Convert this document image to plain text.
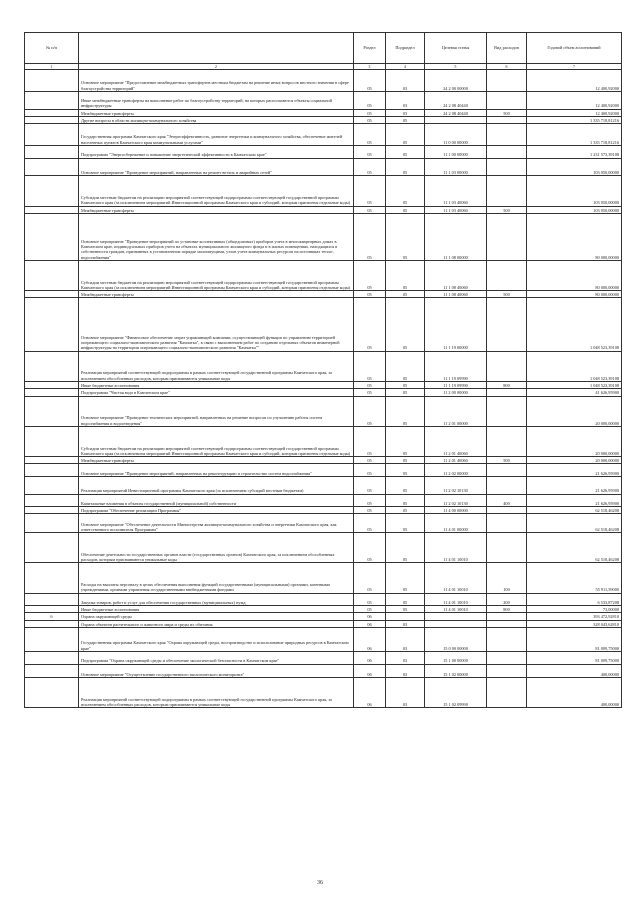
№ п/п		Раздел	Подраздел	Целевая статья	Вид расходов	Годовой объем ассигнований
1	2	3	4	5	6	7
	Основное мероприятие "Предоставление межбюджетных трансфертов местным бюджетам на решение иных вопросов местного значения в сфере благоустройства территорий"	05	03	24 2 00 00000		12 400,92000
	Иные межбюджетные трансферты на выполнение работ по благоустройству территорий, на которых располагаются объекты социальной инфраструктуры	05	03	24 2 08 40440		12 400,92000
	Межбюджетные трансферты	05	03	24 2 08 40440	500	12 400,92000
	Другие вопросы в области жилищно-коммунального хозяйства	05	05			1 335 718,81216
	Государственная программа Камчатского края "Энергоэффективность, развитие энергетики и коммунального хозяйства, обеспечение жителей населенных пунктов Камчатского края коммунальными услугами"	05	05	11 0 00 00000		1 335 718,81216
	Подпрограмма "Энергосбережение и повышение энергетической эффективности в Камчатском крае"	05	05	11 1 00 00000		1 231 573,39108
	Основное мероприятие "Проведение мероприятий, направленных на ремонт ветхих и аварийных сетей"	05	05	11 1 03 00000		103 050,00000
	Субсидии местным бюджетам на реализацию мероприятий соответствующей подпрограммы соответствующей государственной программы Камчатского края (за исключением мероприятий Инвестиционной программы Камчатского края и субсидий, которым присвоены отдельные коды)	05	05	11 1 03 40060		103 050,00000
	Межбюджетные трансферты	05	05	11 1 03 40060	500	103 050,00000
	Основное мероприятие "Проведение мероприятий по установке коллективных (общедомовых) приборов учета в многоквартирных домах в Камчатском крае, индивидуальных приборов учета на объектах муниципального жилищного фонда и в жилых помещениях, находящихся в собственности граждан, признанных в установленном порядке малоимущими, узлов учета коммунальных ресурсов на источниках тепло-, водоснабжения"	05	05	11 1 08 00000		80 000,00000
	Субсидии местным бюджетам на реализацию мероприятий соответствующей подпрограммы соответствующей государственной программы Камчатского края (за исключением мероприятий Инвестиционной программы Камчатского края и субсидий, которым присвоены отдельные коды)	05	05	11 1 08 40060		80 000,00000
	Межбюджетные трансферты	05	05	11 1 08 40060	500	80 000,00000
	Основное мероприятие "Финансовое обеспечение затрат управляющей компании, осуществляющей функции по управлению территорией опережающего социально-экономического развития "Камчатка", в связи с выполнением работ по созданию отдельных объектов инженерной инфраструктуры на территории опережающего социально-экономического развития "Камчатка""	05	05	11 1 19 00000		1 048 523,39108
	Реализация мероприятий соответствующей подпрограммы в рамках соответствующей государственной программы Камчатского края, за исключением обособленных расходов, которым присваиваются уникальные коды	05	05	11 1 19 09990		1 048 523,39108
	Иные бюджетные ассигнования	05	05	11 1 19 09990	800	1 048 523,39108
	Подпрограмма "Чистая вода в Камчатском крае"	05	05	11 2 00 00000		41 626,95900
	Основное мероприятие "Проведение технических мероприятий, направленных на решение вопросов по улучшению работы систем водоснабжения и водоотведения"	05	05	11 2 01 00000		20 000,00000
	Субсидии местным бюджетам на реализацию мероприятий соответствующей подпрограммы соответствующей государственной программы Камчатского края (за исключением мероприятий Инвестиционной программы Камчатского края и субсидий, которым присвоены отдельные коды)	05	05	11 2 01 40060		20 000,00000
	Межбюджетные трансферты	05	05	11 2 01 40060	500	20 000,00000
	Основное мероприятие "Проведение мероприятий, направленных на реконструкцию и строительство систем водоснабжения"	05	05	11 2 02 00000		21 626,95900
	Реализация мероприятий Инвестиционной программы Камчатского края (за исключением субсидий местным бюджетам)	05	05	11 2 02 10130		21 626,95900
	Капитальные вложения в объекты государственной (муниципальной) собственности	05	05	11 2 02 10130	400	21 626,95900
	Подпрограмма "Обеспечение реализации Программы"	05	05	11 4 00 00000		62 518,46208
	Основное мероприятие "Обеспечение деятельности Министерства жилищно-коммунального хозяйства и энергетики Камчатского края, как ответственного исполнителя Программы"	05	05	11 4 01 00000		62 518,46208
	Обеспечение деятельности государственных органов власти (государственных органов) Камчатского края, за исключением обособленных расходов, которым присваиваются уникальные коды	05	05	11 4 01 10010		62 518,46208
	Расходы на выплаты персоналу в целях обеспечения выполнения функций государственными (муниципальными) органами, казенными учреждениями, органами управления государственными внебюджетными фондами	05	05	11 4 01 10010	100	55 911,59000
	Закупка товаров, работ и услуг для обеспечения государственных (муниципальных) нужд	05	05	11 4 01 10010	200	6 533,87208
	Иные бюджетные ассигнования	05	05	11 4 01 10010	800	73,00000
6	Охрана окружающей среды	06				393 472,92810
	Охрана объектов растительного и животного мира и среды их обитания	06	03			328 043,62810
	Государственная программа Камчатского края "Охрана окружающей среды, воспроизводство и использование природных ресурсов в Камчатском крае"	06	03	15 0 00 00000		81 009,75000
	Подпрограмма "Охрана окружающей среды и обеспечение экологической безопасности в Камчатском крае"	06	03	15 1 00 00000		81 009,75000
	Основное мероприятие "Осуществление государственного экологического мониторинга"	06	03	15 1 02 00000		400,00000
	Реализация мероприятий соответствующей подпрограммы в рамках соответствующей государственной программы Камчатского края, за исключением обособленных расходов, которым присваиваются уникальные коды	06	03	15 1 02 09990		400,00000
36
